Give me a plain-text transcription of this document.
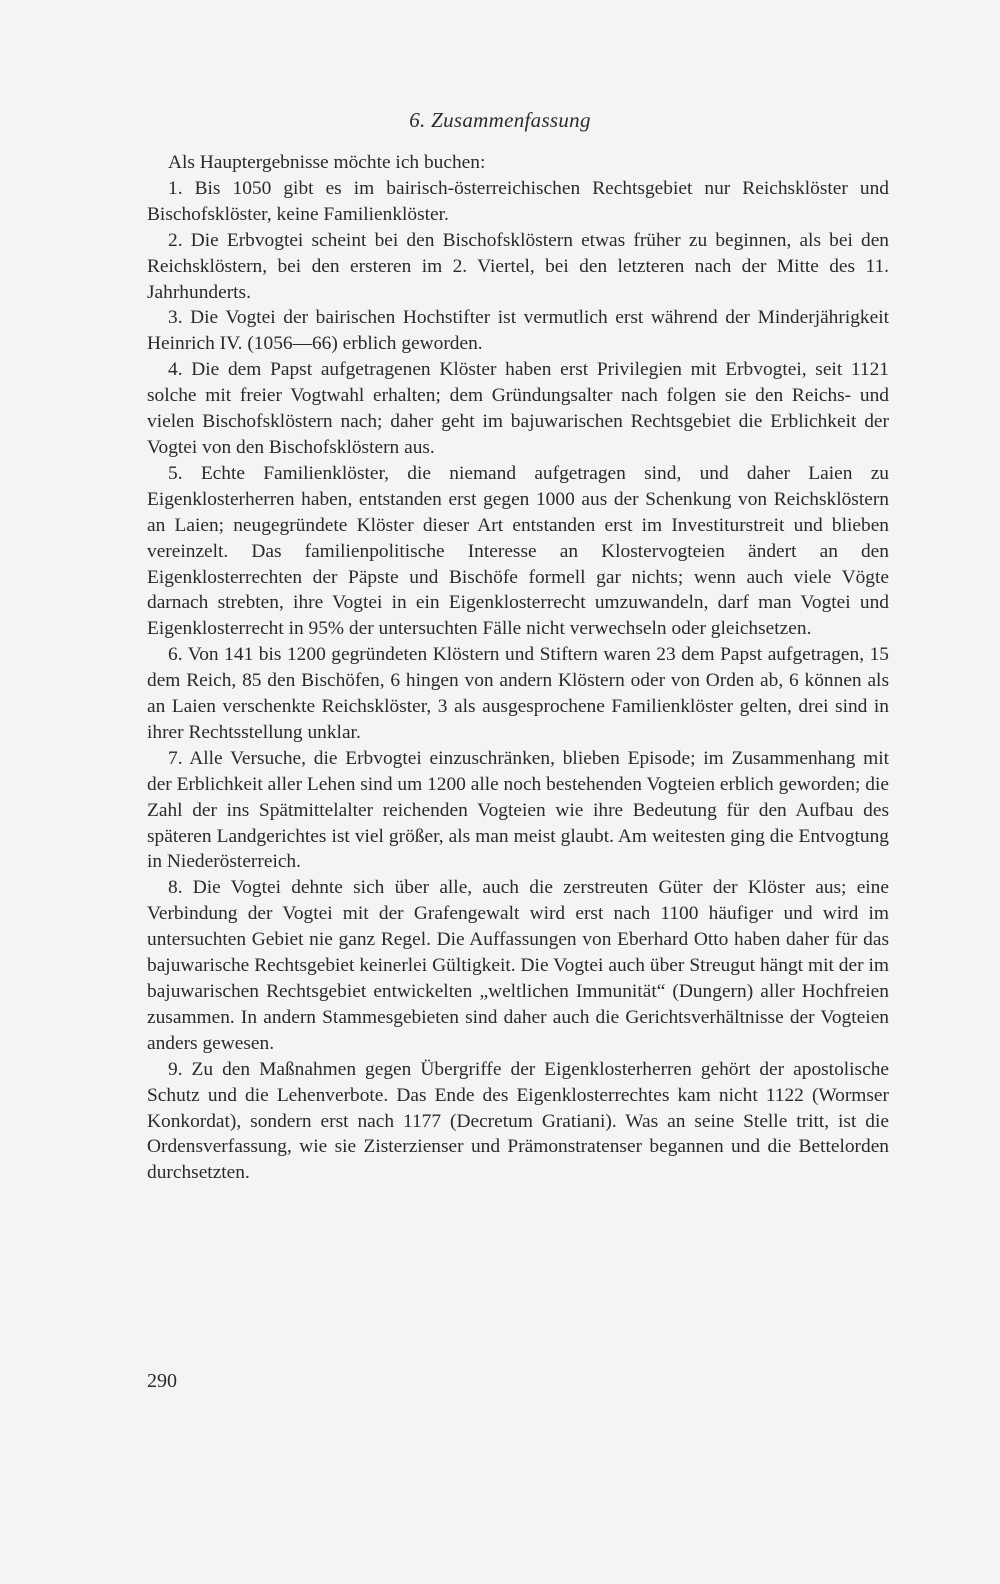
6. Zusammenfassung

Als Hauptergebnisse möchte ich buchen:

1. Bis 1050 gibt es im bairisch-österreichischen Rechtsgebiet nur Reichsklöster und Bischofsklöster, keine Familienklöster.

2. Die Erbvogtei scheint bei den Bischofsklöstern etwas früher zu beginnen, als bei den Reichsklöstern, bei den ersteren im 2. Viertel, bei den letzteren nach der Mitte des 11. Jahrhunderts.

3. Die Vogtei der bairischen Hochstifter ist vermutlich erst während der Minderjährigkeit Heinrich IV. (1056—66) erblich geworden.

4. Die dem Papst aufgetragenen Klöster haben erst Privilegien mit Erbvogtei, seit 1121 solche mit freier Vogtwahl erhalten; dem Gründungsalter nach folgen sie den Reichs- und vielen Bischofsklöstern nach; daher geht im bajuwarischen Rechtsgebiet die Erblichkeit der Vogtei von den Bischofsklöstern aus.

5. Echte Familienklöster, die niemand aufgetragen sind, und daher Laien zu Eigenklosterherren haben, entstanden erst gegen 1000 aus der Schenkung von Reichsklöstern an Laien; neugegründete Klöster dieser Art entstanden erst im Investiturstreit und blieben vereinzelt. Das familienpolitische Interesse an Klostervogteien ändert an den Eigenklosterrechten der Päpste und Bischöfe formell gar nichts; wenn auch viele Vögte darnach strebten, ihre Vogtei in ein Eigenklosterrecht umzuwandeln, darf man Vogtei und Eigenklosterrecht in 95% der untersuchten Fälle nicht verwechseln oder gleichsetzen.

6. Von 141 bis 1200 gegründeten Klöstern und Stiftern waren 23 dem Papst aufgetragen, 15 dem Reich, 85 den Bischöfen, 6 hingen von andern Klöstern oder von Orden ab, 6 können als an Laien verschenkte Reichsklöster, 3 als ausgesprochene Familienklöster gelten, drei sind in ihrer Rechtsstellung unklar.

7. Alle Versuche, die Erbvogtei einzuschränken, blieben Episode; im Zusammenhang mit der Erblichkeit aller Lehen sind um 1200 alle noch bestehenden Vogteien erblich geworden; die Zahl der ins Spätmittelalter reichenden Vogteien wie ihre Bedeutung für den Aufbau des späteren Landgerichtes ist viel größer, als man meist glaubt. Am weitesten ging die Entvogtung in Niederösterreich.

8. Die Vogtei dehnte sich über alle, auch die zerstreuten Güter der Klöster aus; eine Verbindung der Vogtei mit der Grafengewalt wird erst nach 1100 häufiger und wird im untersuchten Gebiet nie ganz Regel. Die Auffassungen von Eberhard Otto haben daher für das bajuwarische Rechtsgebiet keinerlei Gültigkeit. Die Vogtei auch über Streugut hängt mit der im bajuwarischen Rechtsgebiet entwickelten „weltlichen Immunität“ (Dungern) aller Hochfreien zusammen. In andern Stammesgebieten sind daher auch die Gerichtsverhältnisse der Vogteien anders gewesen.

9. Zu den Maßnahmen gegen Übergriffe der Eigenklosterherren gehört der apostolische Schutz und die Lehenverbote. Das Ende des Eigenklosterrechtes kam nicht 1122 (Wormser Konkordat), sondern erst nach 1177 (Decretum Gratiani). Was an seine Stelle tritt, ist die Ordensverfassung, wie sie Zisterzienser und Prämonstratenser begannen und die Bettelorden durchsetzten.

290
